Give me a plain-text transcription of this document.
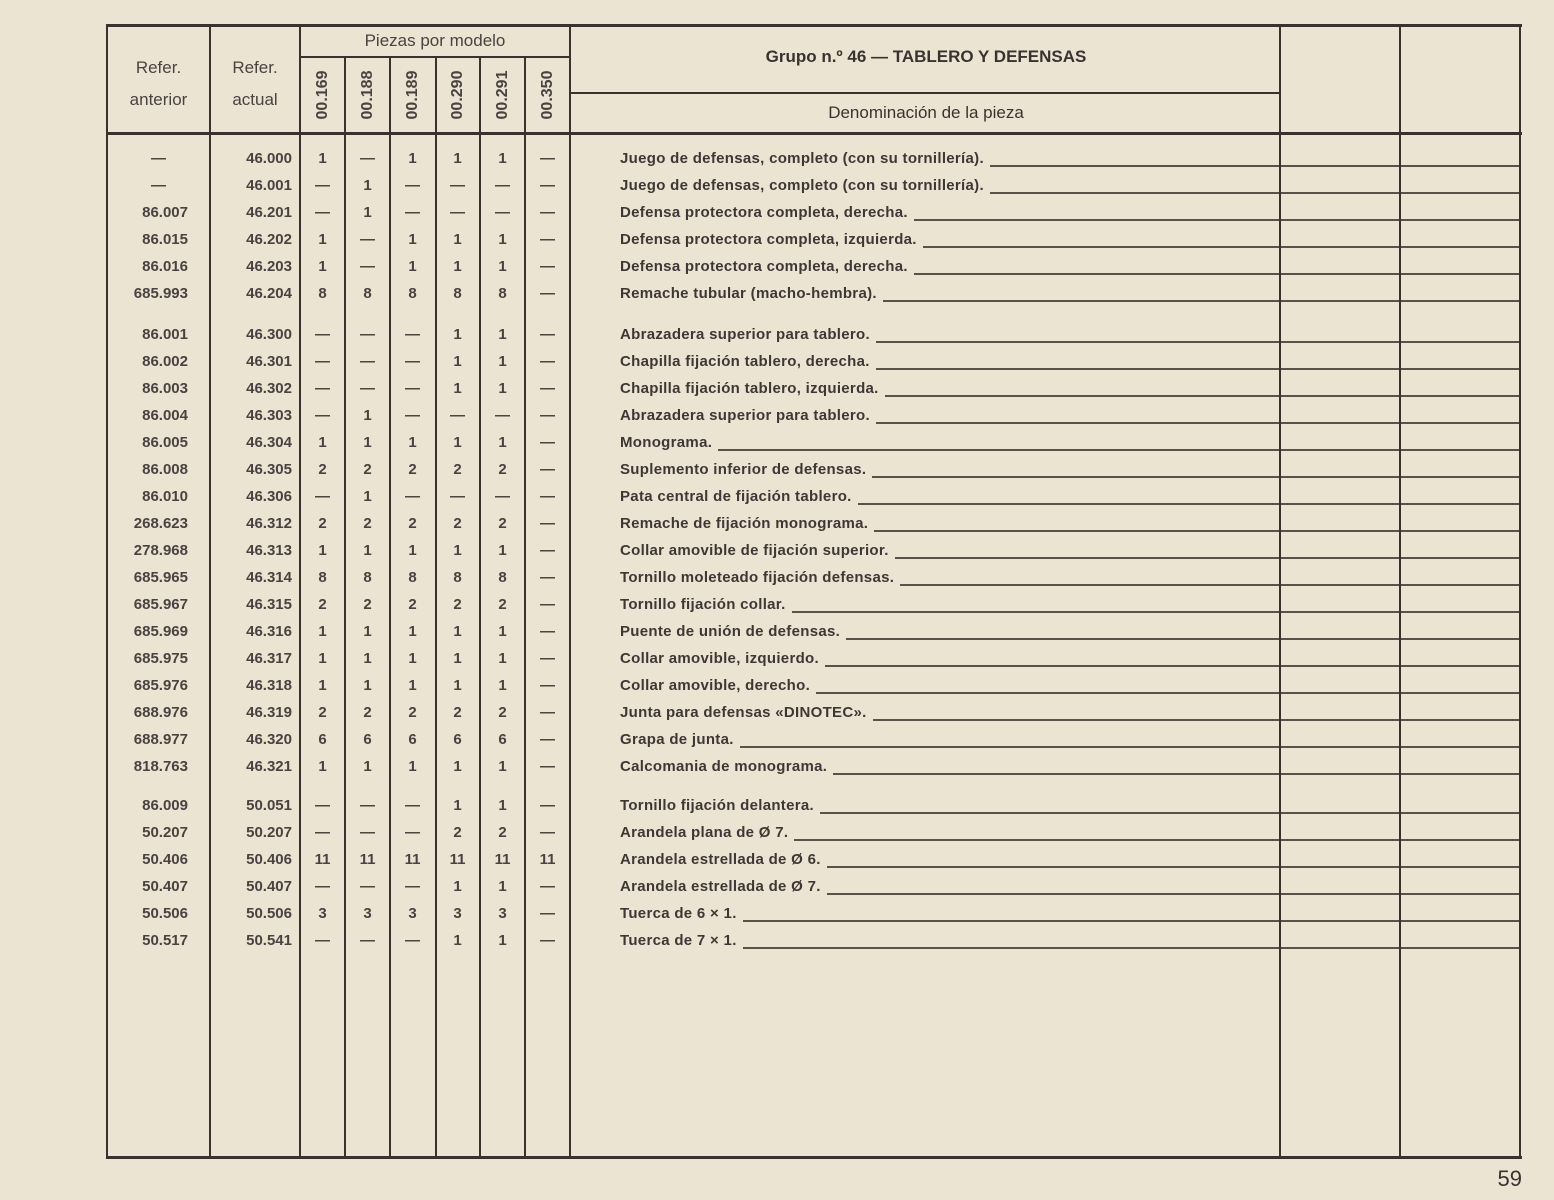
Refer.
anterior
Refer.
actual
Piezas por modelo
00.169 00.188 00.189 00.290 00.291 00.350
Grupo n.º 46 — TABLERO Y DEFENSAS
Denominación de la pieza
—	46.000	1	—	1	1	1	—	Juego de defensas, completo (con su tornillería).
—	46.001	—	1	—	—	—	—	Juego de defensas, completo (con su tornillería).
86.007	46.201	—	1	—	—	—	—	Defensa protectora completa, derecha.
86.015	46.202	1	—	1	1	1	—	Defensa protectora completa, izquierda.
86.016	46.203	1	—	1	1	1	—	Defensa protectora completa, derecha.
685.993	46.204	8	8	8	8	8	—	Remache tubular (macho-hembra).
86.001	46.300	—	—	—	1	1	—	Abrazadera superior para tablero.
86.002	46.301	—	—	—	1	1	—	Chapilla fijación tablero, derecha.
86.003	46.302	—	—	—	1	1	—	Chapilla fijación tablero, izquierda.
86.004	46.303	—	1	—	—	—	—	Abrazadera superior para tablero.
86.005	46.304	1	1	1	1	1	—	Monograma.
86.008	46.305	2	2	2	2	2	—	Suplemento inferior de defensas.
86.010	46.306	—	1	—	—	—	—	Pata central de fijación tablero.
268.623	46.312	2	2	2	2	2	—	Remache de fijación monograma.
278.968	46.313	1	1	1	1	1	—	Collar amovible de fijación superior.
685.965	46.314	8	8	8	8	8	—	Tornillo moleteado fijación defensas.
685.967	46.315	2	2	2	2	2	—	Tornillo fijación collar.
685.969	46.316	1	1	1	1	1	—	Puente de unión de defensas.
685.975	46.317	1	1	1	1	1	—	Collar amovible, izquierdo.
685.976	46.318	1	1	1	1	1	—	Collar amovible, derecho.
688.976	46.319	2	2	2	2	2	—	Junta para defensas «DINOTEC».
688.977	46.320	6	6	6	6	6	—	Grapa de junta.
818.763	46.321	1	1	1	1	1	—	Calcomania de monograma.
86.009	50.051	—	—	—	1	1	—	Tornillo fijación delantera.
50.207	50.207	—	—	—	2	2	—	Arandela plana de Ø 7.
50.406	50.406	11	11	11	11	11	11	Arandela estrellada de Ø 6.
50.407	50.407	—	—	—	1	1	—	Arandela estrellada de Ø 7.
50.506	50.506	3	3	3	3	3	—	Tuerca de 6 × 1.
50.517	50.541	—	—	—	1	1	—	Tuerca de 7 × 1.
59
